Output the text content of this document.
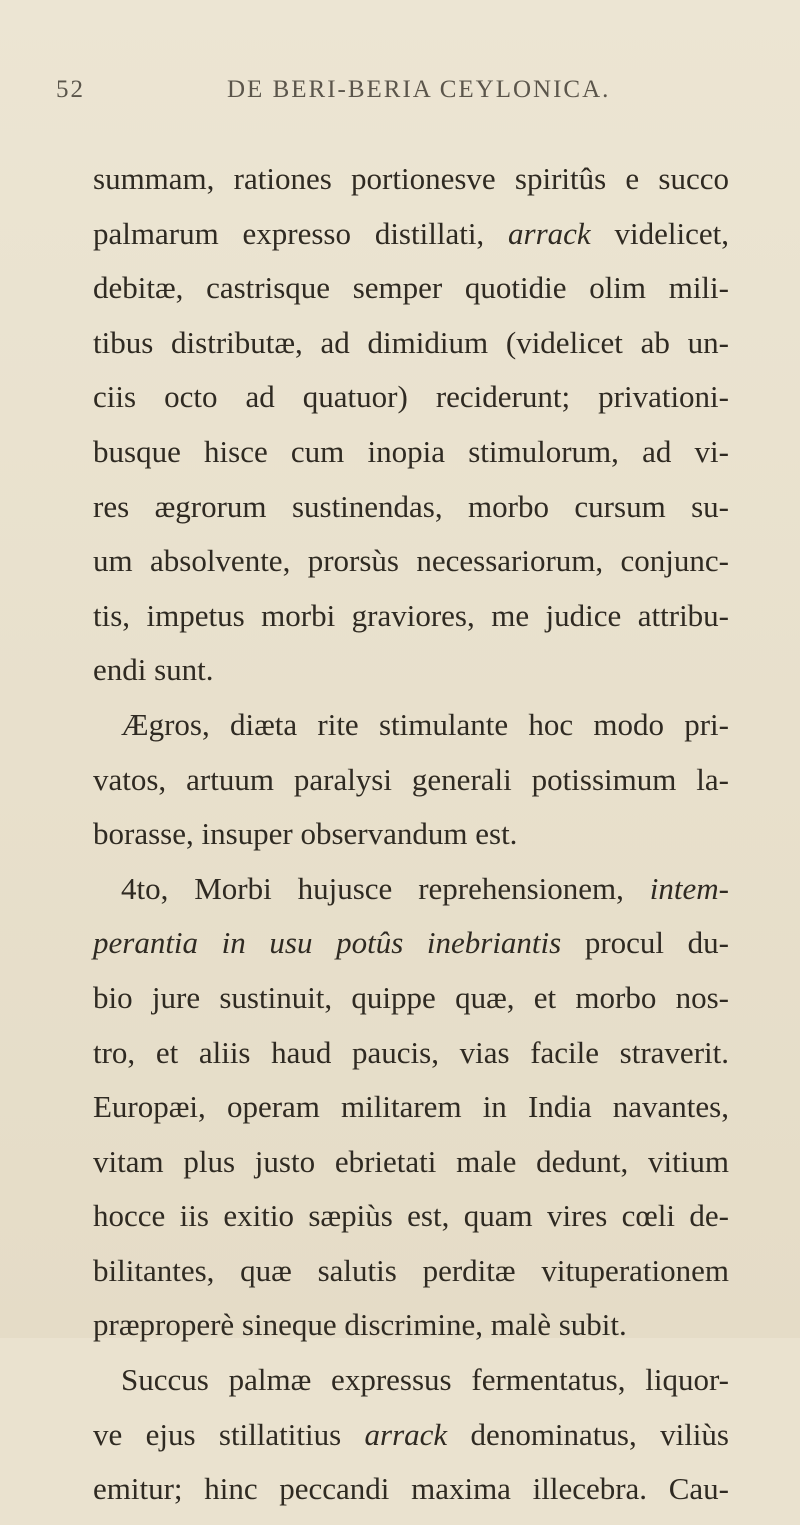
52	DE BERI-BERIA CEYLONICA.
summam, rationes portionesve spiritûs e succo
palmarum expresso distillati, arrack videlicet,
debitæ, castrisque semper quotidie olim mili-
tibus distributæ, ad dimidium (videlicet ab un-
ciis octo ad quatuor) reciderunt; privationi-
busque hisce cum inopia stimulorum, ad vi-
res ægrorum sustinendas, morbo cursum su-
um absolvente, prorsùs necessariorum, conjunc-
tis, impetus morbi graviores, me judice attribu-
endi sunt.
Ægros, diæta rite stimulante hoc modo pri-
vatos, artuum paralysi generali potissimum la-
borasse, insuper observandum est.
4to, Morbi hujusce reprehensionem, intem-
perantia in usu potûs inebriantis procul du-
bio jure sustinuit, quippe quæ, et morbo nos-
tro, et aliis haud paucis, vias facile straverit.
Europæi, operam militarem in India navantes,
vitam plus justo ebrietati male dedunt, vitium
hocce iis exitio sæpiùs est, quam vires cœli de-
bilitantes, quæ salutis perditæ vituperationem
præproperè sineque discrimine, malè subit.
Succus palmæ expressus fermentatus, liquor-
ve ejus stillatitius arrack denominatus, viliùs
emitur; hinc peccandi maxima illecebra. Cau-
